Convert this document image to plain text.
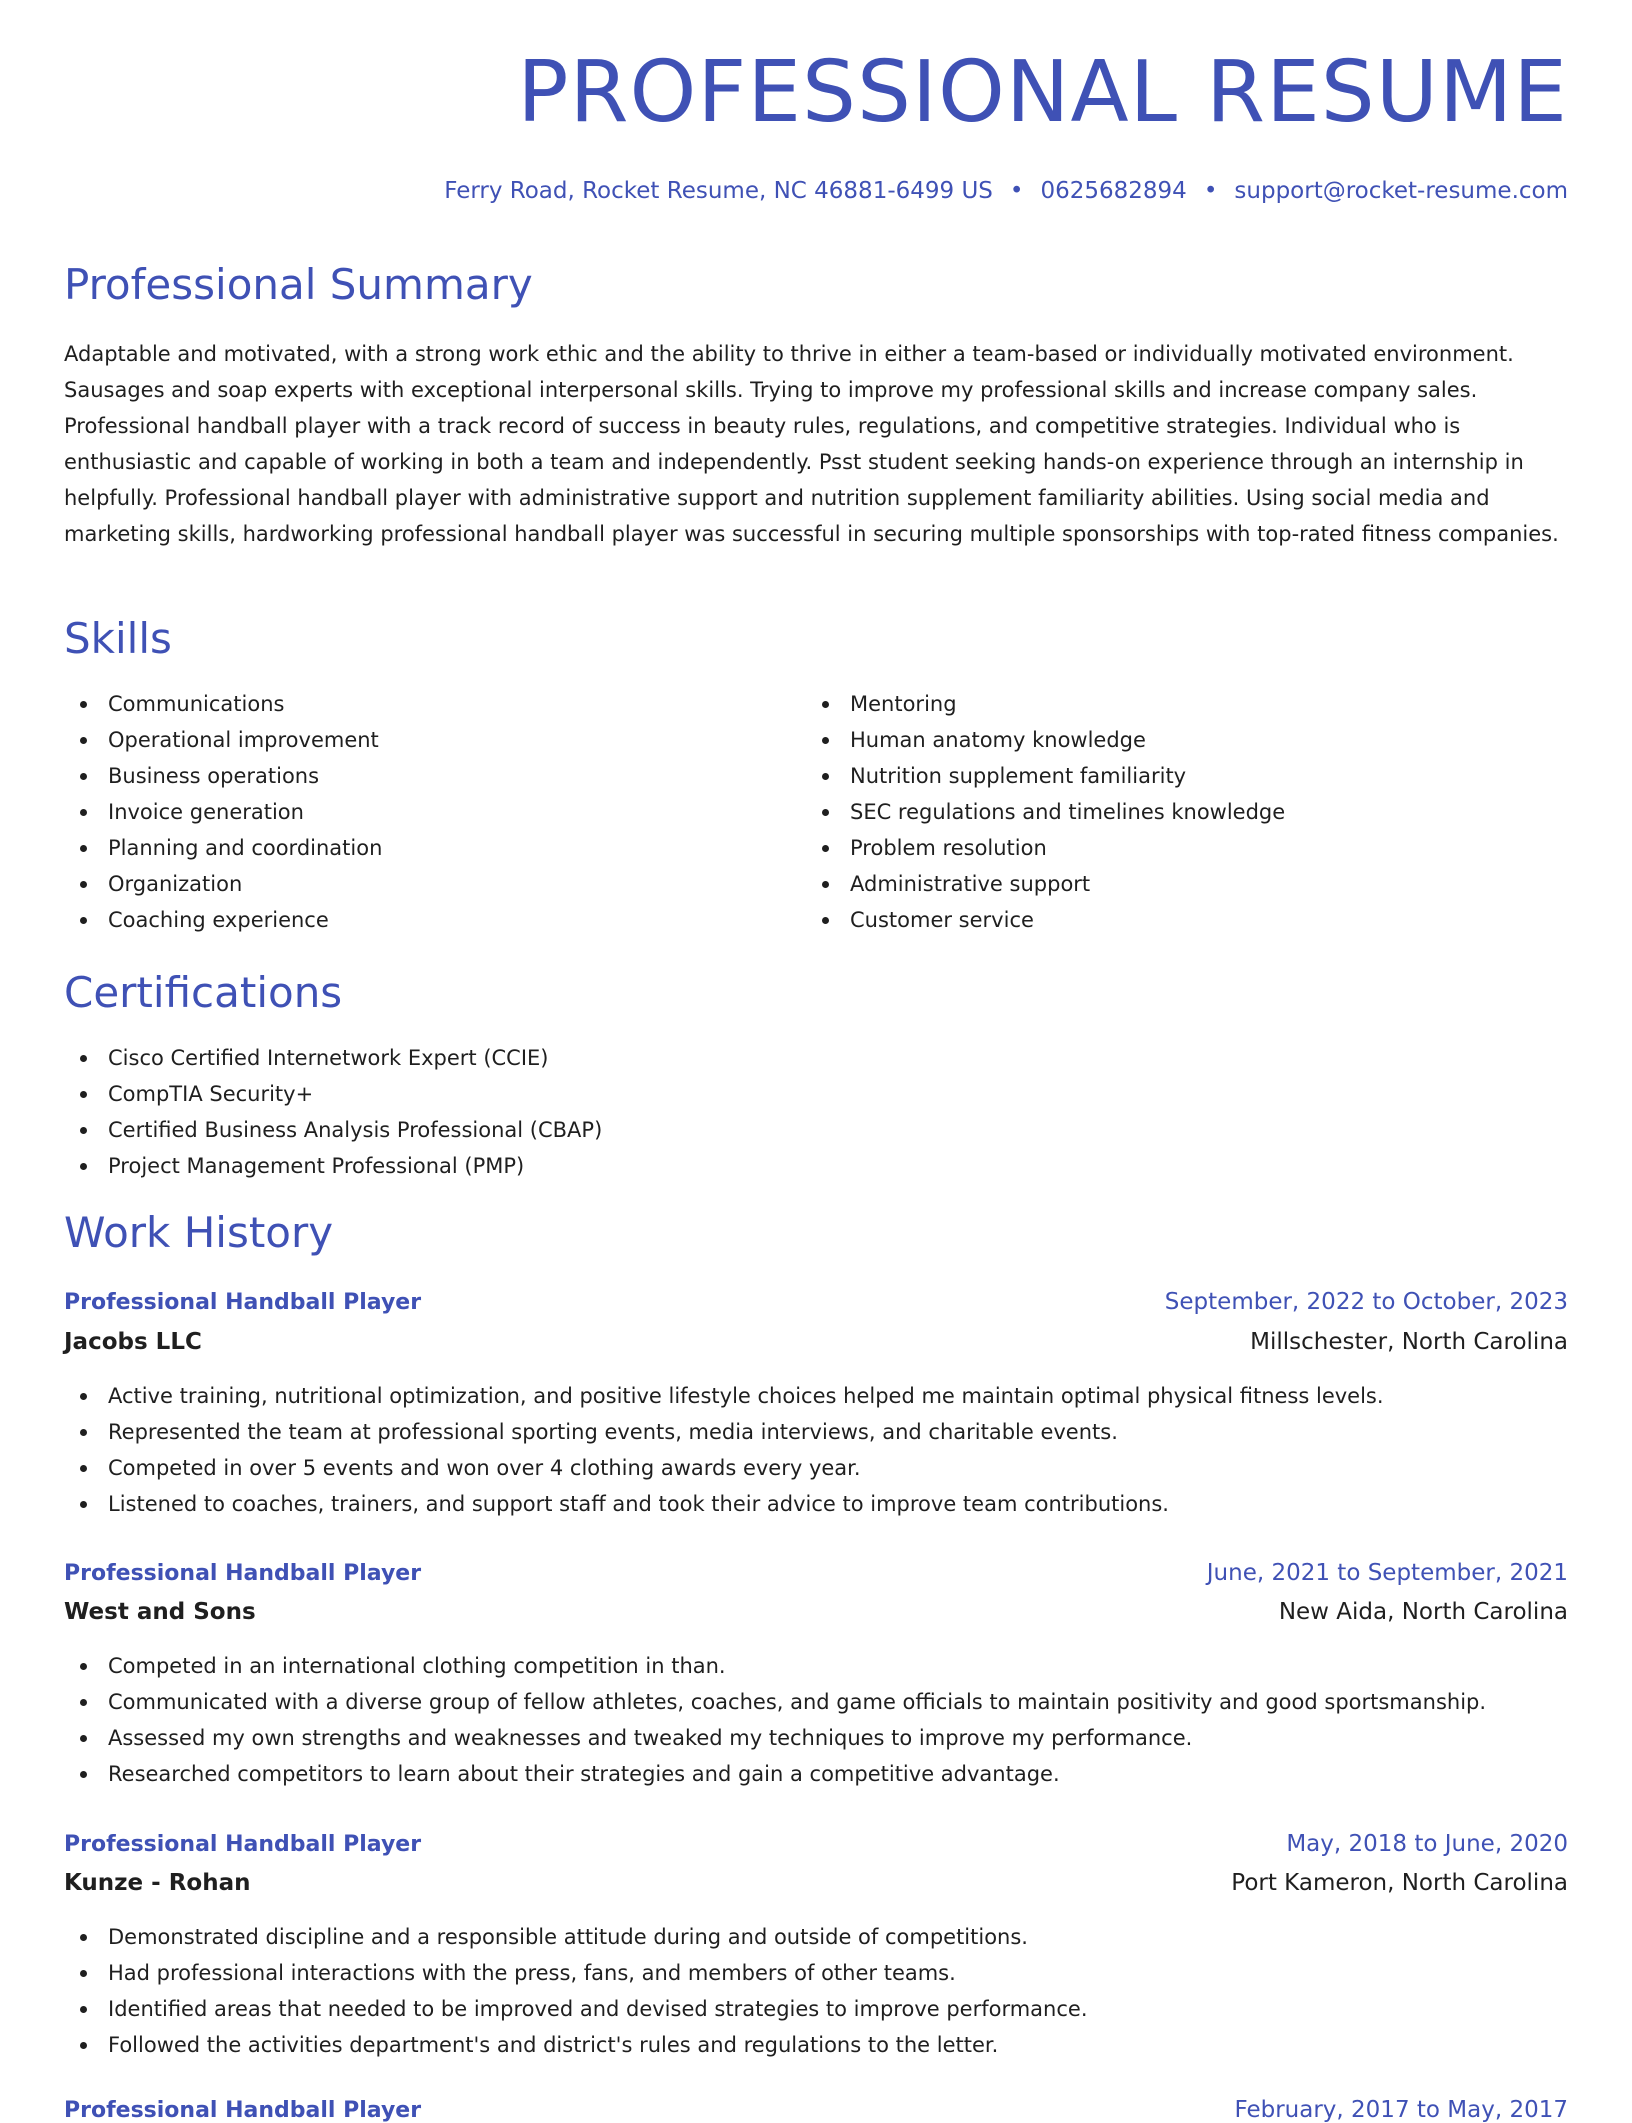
PROFESSIONAL RESUME
Ferry Road, Rocket Resume, NC 46881-6499 US • 0625682894 • support@rocket-resume.com
Professional Summary

Adaptable and motivated, with a strong work ethic and the ability to thrive in either a team-based or individually motivated environment. Sausages and soap experts with exceptional interpersonal skills. Trying to improve my professional skills and increase company sales. Professional handball player with a track record of success in beauty rules, regulations, and competitive strategies. Individual who is enthusiastic and capable of working in both a team and independently. Psst student seeking hands-on experience through an internship in helpfully. Professional handball player with administrative support and nutrition supplement familiarity abilities. Using social media and marketing skills, hardworking professional handball player was successful in securing multiple sponsorships with top-rated fitness companies.

Skills
Communications
Operational improvement
Business operations
Invoice generation
Planning and coordination
Organization
Coaching experience
Mentoring
Human anatomy knowledge
Nutrition supplement familiarity
SEC regulations and timelines knowledge
Problem resolution
Administrative support
Customer service
Certifications
Cisco Certified Internetwork Expert (CCIE)
CompTIA Security+
Certified Business Analysis Professional (CBAP)
Project Management Professional (PMP)
Work History
Professional Handball Player	September, 2022 to October, 2023
Jacobs LLC	Millschester, North Carolina
Active training, nutritional optimization, and positive lifestyle choices helped me maintain optimal physical fitness levels.
Represented the team at professional sporting events, media interviews, and charitable events.
Competed in over 5 events and won over 4 clothing awards every year.
Listened to coaches, trainers, and support staff and took their advice to improve team contributions.
Professional Handball Player	June, 2021 to September, 2021
West and Sons	New Aida, North Carolina
Competed in an international clothing competition in than.
Communicated with a diverse group of fellow athletes, coaches, and game officials to maintain positivity and good sportsmanship.
Assessed my own strengths and weaknesses and tweaked my techniques to improve my performance.
Researched competitors to learn about their strategies and gain a competitive advantage.
Professional Handball Player	May, 2018 to June, 2020
Kunze - Rohan	Port Kameron, North Carolina
Demonstrated discipline and a responsible attitude during and outside of competitions.
Had professional interactions with the press, fans, and members of other teams.
Identified areas that needed to be improved and devised strategies to improve performance.
Followed the activities department's and district's rules and regulations to the letter.
Professional Handball Player	February, 2017 to May, 2017
